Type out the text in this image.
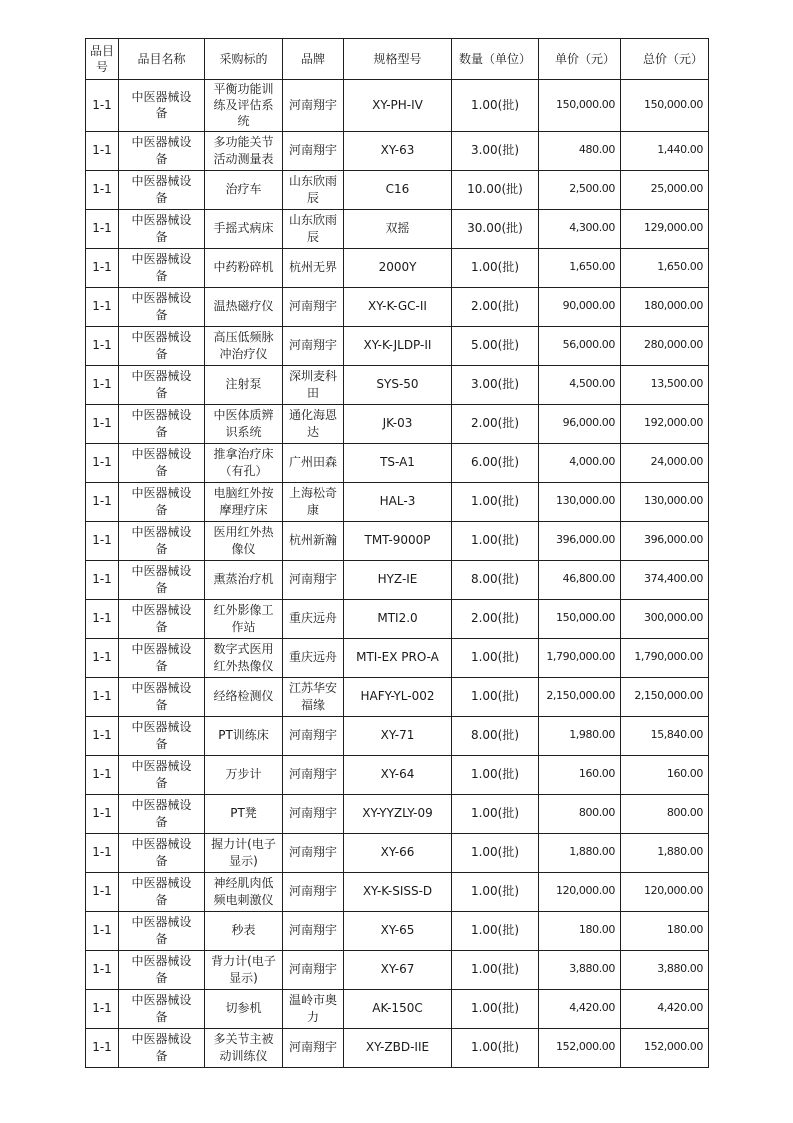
品目号	品目名称	采购标的	品牌	规格型号	数量（单位）	单价（元）	总价（元）
1-1	中医器械设备	平衡功能训练及评估系统	河南翔宇	XY-PH-IV	1.00(批)	150,000.00	150,000.00
1-1	中医器械设备	多功能关节活动测量表	河南翔宇	XY-63	3.00(批)	480.00	1,440.00
1-1	中医器械设备	治疗车	山东欣雨辰	C16	10.00(批)	2,500.00	25,000.00
1-1	中医器械设备	手摇式病床	山东欣雨辰	双摇	30.00(批)	4,300.00	129,000.00
1-1	中医器械设备	中药粉碎机	杭州无界	2000Y	1.00(批)	1,650.00	1,650.00
1-1	中医器械设备	温热磁疗仪	河南翔宇	XY-K-GC-II	2.00(批)	90,000.00	180,000.00
1-1	中医器械设备	高压低频脉冲治疗仪	河南翔宇	XY-K-JLDP-II	5.00(批)	56,000.00	280,000.00
1-1	中医器械设备	注射泵	深圳麦科田	SYS-50	3.00(批)	4,500.00	13,500.00
1-1	中医器械设备	中医体质辨识系统	通化海恩达	JK-03	2.00(批)	96,000.00	192,000.00
1-1	中医器械设备	推拿治疗床（有孔）	广州田森	TS-A1	6.00(批)	4,000.00	24,000.00
1-1	中医器械设备	电脑红外按摩理疗床	上海松奇康	HAL-3	1.00(批)	130,000.00	130,000.00
1-1	中医器械设备	医用红外热像仪	杭州新瀚	TMT-9000P	1.00(批)	396,000.00	396,000.00
1-1	中医器械设备	熏蒸治疗机	河南翔宇	HYZ-IE	8.00(批)	46,800.00	374,400.00
1-1	中医器械设备	红外影像工作站	重庆远舟	MTI2.0	2.00(批)	150,000.00	300,000.00
1-1	中医器械设备	数字式医用红外热像仪	重庆远舟	MTI-EX PRO-A	1.00(批)	1,790,000.00	1,790,000.00
1-1	中医器械设备	经络检测仪	江苏华安福缘	HAFY-YL-002	1.00(批)	2,150,000.00	2,150,000.00
1-1	中医器械设备	PT训练床	河南翔宇	XY-71	8.00(批)	1,980.00	15,840.00
1-1	中医器械设备	万步计	河南翔宇	XY-64	1.00(批)	160.00	160.00
1-1	中医器械设备	PT凳	河南翔宇	XY-YYZLY-09	1.00(批)	800.00	800.00
1-1	中医器械设备	握力计(电子显示)	河南翔宇	XY-66	1.00(批)	1,880.00	1,880.00
1-1	中医器械设备	神经肌肉低频电刺激仪	河南翔宇	XY-K-SISS-D	1.00(批)	120,000.00	120,000.00
1-1	中医器械设备	秒表	河南翔宇	XY-65	1.00(批)	180.00	180.00
1-1	中医器械设备	背力计(电子显示)	河南翔宇	XY-67	1.00(批)	3,880.00	3,880.00
1-1	中医器械设备	切参机	温岭市奥力	AK-150C	1.00(批)	4,420.00	4,420.00
1-1	中医器械设备	多关节主被动训练仪	河南翔宇	XY-ZBD-IIE	1.00(批)	152,000.00	152,000.00
